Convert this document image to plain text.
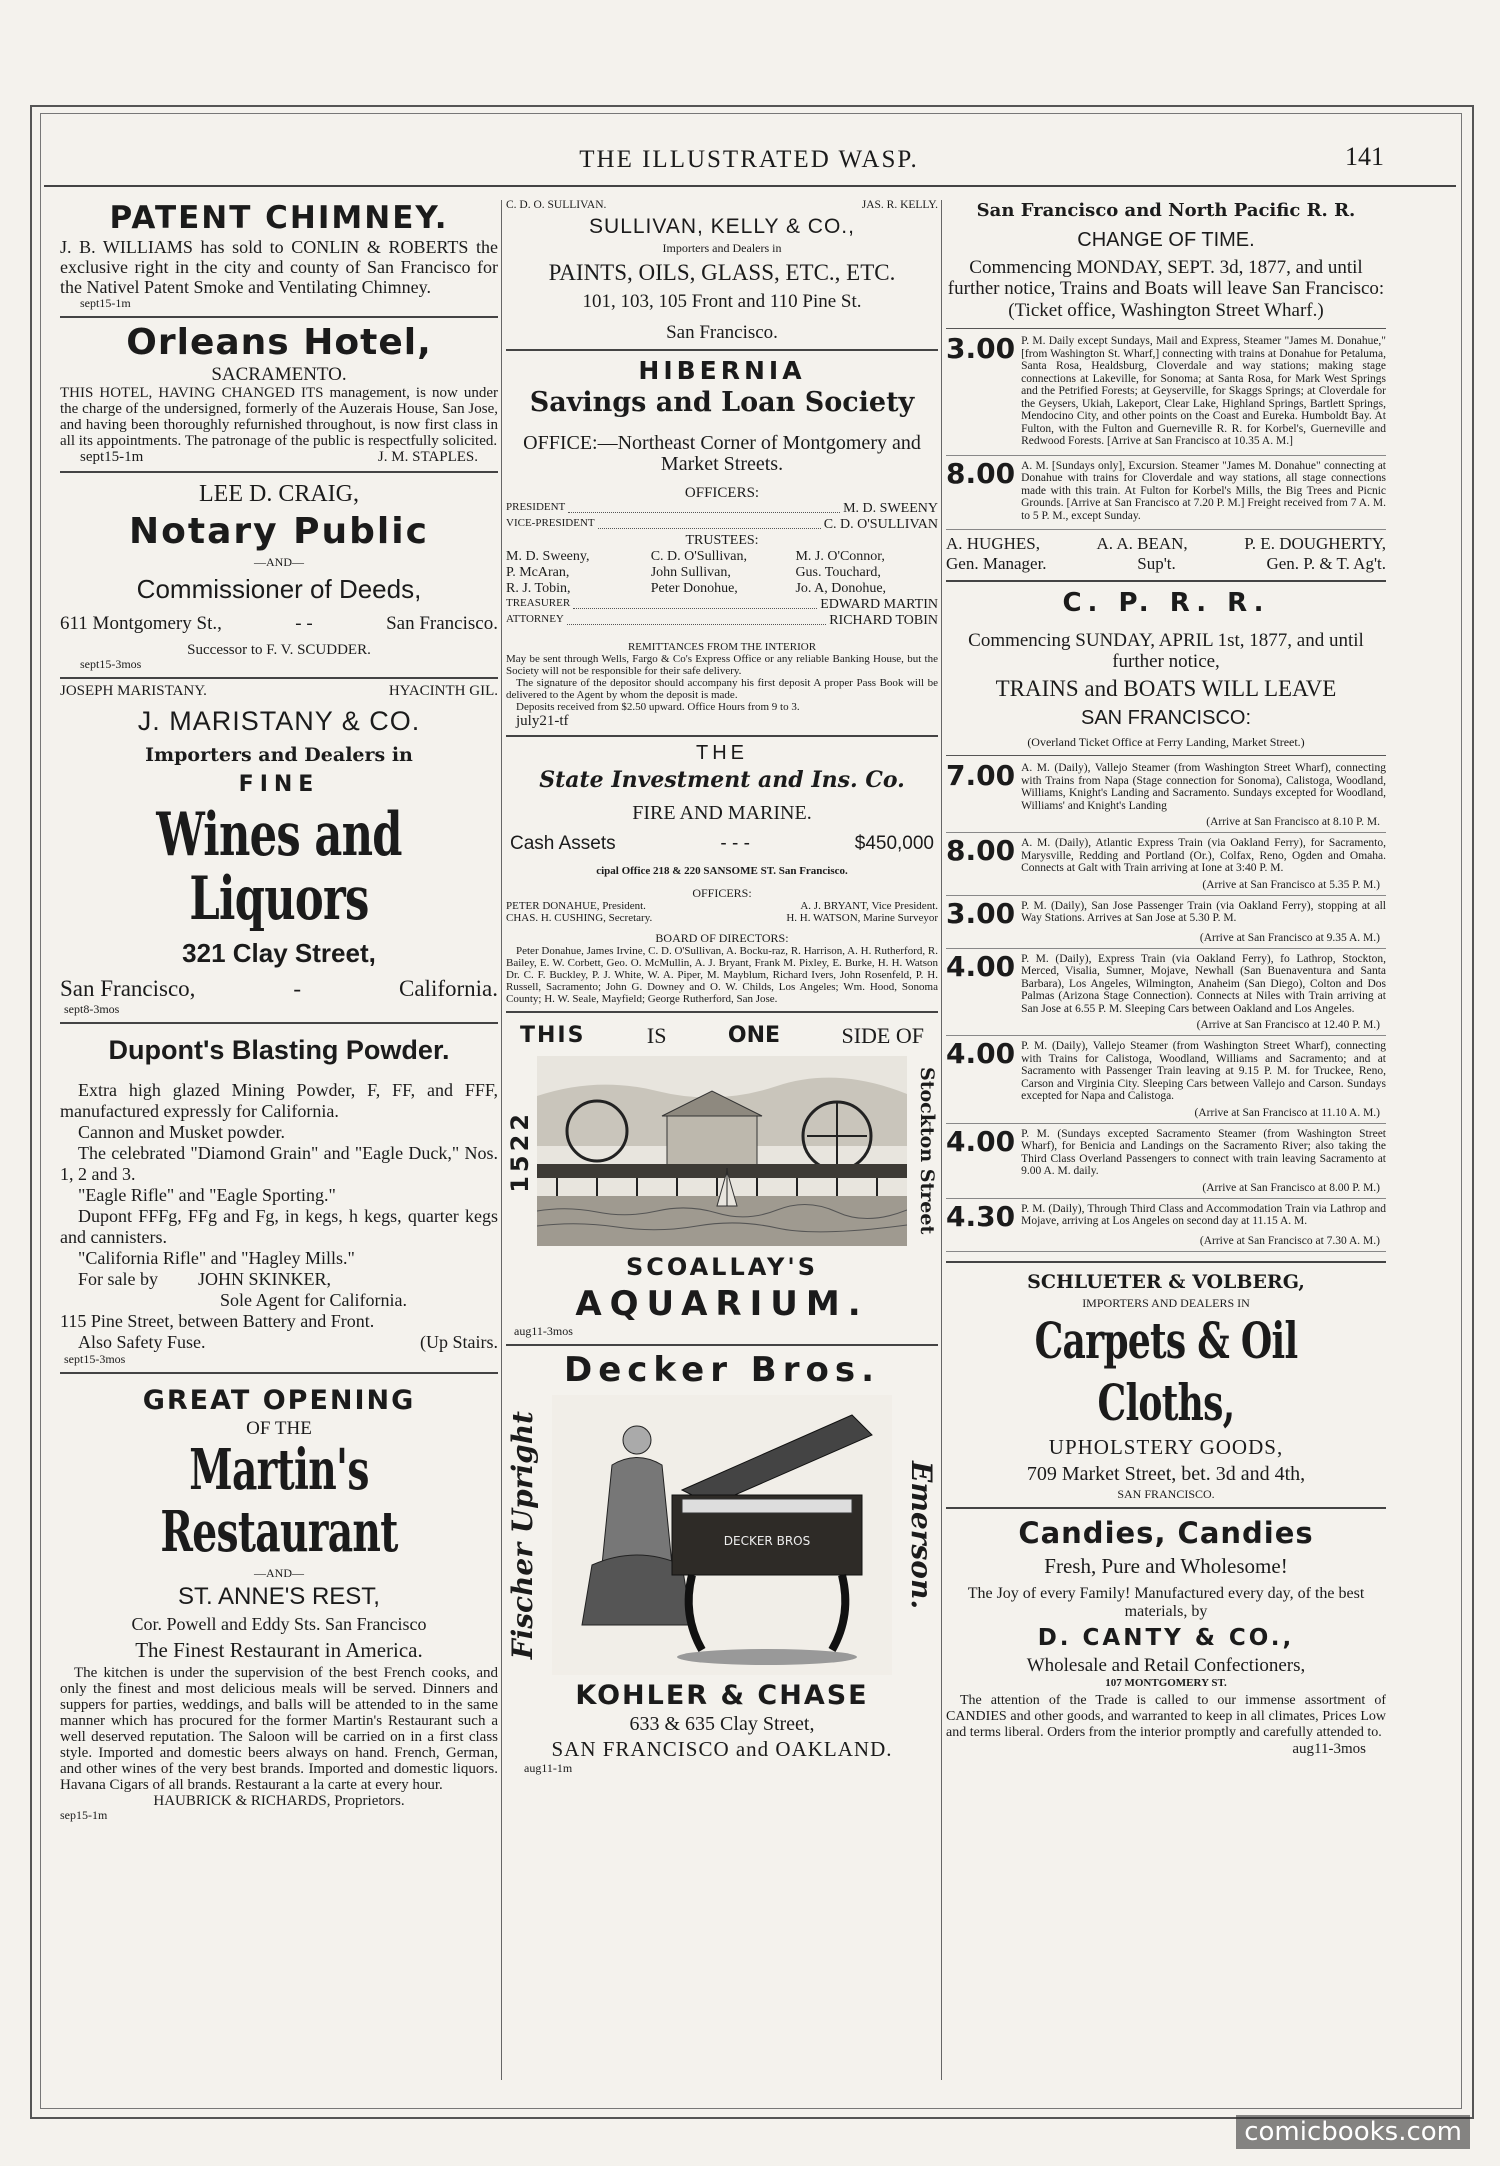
THE ILLUSTRATED WASP.	141
PATENT CHIMNEY.
J. B. WILLIAMS has sold to CONLIN & ROBERTS the exclusive right in the city and county of San Francisco for the Nativel Patent Smoke and Ventilating Chimney.
sept15-1m
Orleans Hotel,
SACRAMENTO.
THIS HOTEL, HAVING CHANGED ITS management, is now under the charge of the undersigned, formerly of the Auzerais House, San Jose, and having been thoroughly refurnished throughout, is now first class in all its appointments. The patronage of the public is respectfully solicited.
sept15-1m	J. M. STAPLES.
LEE D. CRAIG,
Notary Public
—AND—
Commissioner of Deeds,
611 Montgomery St.,	- -	San Francisco.
Successor to F. V. SCUDDER.
sept15-3mos
JOSEPH MARISTANY.	HYACINTH GIL.
J. MARISTANY & CO.
Importers and Dealers in
FINE
Wines and Liquors
321 Clay Street,
San Francisco,	-	California.
sept8-3mos
Dupont's Blasting Powder.
Extra high glazed Mining Powder, F, FF, and FFF, manufactured expressly for California.
Cannon and Musket powder.
The celebrated "Diamond Grain" and "Eagle Duck," Nos. 1, 2 and 3.
"Eagle Rifle" and "Eagle Sporting."
Dupont FFFg, FFg and Fg, in kegs, h kegs, quarter kegs and cannisters.
"California Rifle" and "Hagley Mills."
For sale by JOHN SKINKER,
Sole Agent for California.
115 Pine Street, between Battery and Front.
Also Safety Fuse.	(Up Stairs.
sept15-3mos
GREAT OPENING
OF THE
Martin's Restaurant
—AND—
ST. ANNE'S REST,
Cor. Powell and Eddy Sts. San Francisco
The Finest Restaurant in America.
The kitchen is under the supervision of the best French cooks, and only the finest and most delicious meals will be served. Dinners and suppers for parties, weddings, and balls will be attended to in the same manner which has procured for the former Martin's Restaurant such a well deserved reputation. The Saloon will be carried on in a first class style. Imported and domestic beers always on hand. French, German, and other wines of the very best brands. Imported and domestic liquors. Havana Cigars of all brands. Restaurant a la carte at every hour.
HAUBRICK & RICHARDS, Proprietors.
sep15-1m
C. D. O. SULLIVAN.	JAS. R. KELLY.
SULLIVAN, KELLY & CO.,
Importers and Dealers in
PAINTS, OILS, GLASS, ETC., ETC.
101, 103, 105 Front and 110 Pine St.
San Francisco.
HIBERNIA
Savings and Loan Society
OFFICE:—Northeast Corner of Montgomery and Market Streets.
OFFICERS:
PRESIDENT	M. D. SWEENY
VICE-PRESIDENT	C. D. O'SULLIVAN
TRUSTEES:
M. D. Sweeny,	C. D. O'Sullivan,	M. J. O'Connor,
P. McAran,	John Sullivan,	Gus. Touchard,
R. J. Tobin,	Peter Donohue,	Jo. A, Donohue,
TREASURER	EDWARD MARTIN
ATTORNEY	RICHARD TOBIN
REMITTANCES FROM THE INTERIOR
May be sent through Wells, Fargo & Co's Express Office or any reliable Banking House, but the Society will not be responsible for their safe delivery.
The signature of the depositor should accompany his first deposit A proper Pass Book will be delivered to the Agent by whom the deposit is made.
Deposits received from $2.50 upward. Office Hours from 9 to 3.
july21-tf
THE
State Investment and Ins. Co.
FIRE AND MARINE.
Cash Assets	- - -	$450,000
cipal Office 218 & 220 SANSOME ST. San Francisco.
OFFICERS:
PETER DONAHUE, President.	A. J. BRYANT, Vice President.
CHAS. H. CUSHING, Secretary.	H. H. WATSON, Marine Surveyor
BOARD OF DIRECTORS:
Peter Donahue, James Irvine, C. D. O'Sullivan, A. Bocku-raz, R. Harrison, A. H. Rutherford, R. Bailey, E. W. Corbett, Geo. O. McMullin, A. J. Bryant, Frank M. Pixley, E. Burke, H. H. Watson Dr. C. F. Buckley, P. J. White, W. A. Piper, M. Mayblum, Richard Ivers, John Rosenfeld, P. H. Russell, Sacramento; John G. Downey and O. W. Childs, Los Angeles; Wm. Hood, Sonoma County; H. W. Seale, Mayfield; George Rutherford, San Jose.
THIS	IS	ONE	SIDE OF
1522	Stockton Street
SCOALLAY'S
AQUARIUM.
aug11-3mos
Decker Bros.
Fischer Upright	DECKER BROS	Emerson.
KOHLER & CHASE
633 & 635 Clay Street,
SAN FRANCISCO and OAKLAND.
aug11-1m
San Francisco and North Pacific R. R.
CHANGE OF TIME.
Commencing MONDAY, SEPT. 3d, 1877, and until further notice, Trains and Boats will leave San Francisco:
(Ticket office, Washington Street Wharf.)
3.00 P. M. Daily except Sundays, Mail and Express, Steamer "James M. Donahue," [from Washington St. Wharf,] connecting with trains at Donahue for Petaluma, Santa Rosa, Healdsburg, Cloverdale and way stations; making stage connections at Lakeville, for Sonoma; at Santa Rosa, for Mark West Springs and the Petrified Forests; at Geyserville, for Skaggs Springs; at Cloverdale for the Geysers, Ukiah, Lakeport, Clear Lake, Highland Springs, Bartlett Springs, Mendocino City, and other points on the Coast and Eureka. Humboldt Bay. At Fulton, with the Fulton and Guerneville R. R. for Korbel's, Guerneville and Redwood Forests. [Arrive at San Francisco at 10.35 A. M.]
8.00 A. M. [Sundays only], Excursion. Steamer "James M. Donahue" connecting at Donahue with trains for Cloverdale and way stations, all stage connections made with this train. At Fulton for Korbel's Mills, the Big Trees and Picnic Grounds. [Arrive at San Francisco at 7.20 P. M.] Freight received from 7 A. M. to 5 P. M., except Sunday.
A. HUGHES,	A. A. BEAN,	P. E. DOUGHERTY,
Gen. Manager.	Sup't.	Gen. P. & T. Ag't.
C. P. R. R.
Commencing SUNDAY, APRIL 1st, 1877, and until further notice,
TRAINS and BOATS WILL LEAVE
SAN FRANCISCO:
(Overland Ticket Office at Ferry Landing, Market Street.)
7.00 A. M. (Daily), Vallejo Steamer (from Washington Street Wharf), connecting with Trains from Napa (Stage connection for Sonoma), Calistoga, Woodland, Williams, Knight's Landing and Sacramento. Sundays excepted for Woodland, Williams' and Knight's Landing
(Arrive at San Francisco at 8.10 P. M.
8.00 A. M. (Daily), Atlantic Express Train (via Oakland Ferry), for Sacramento, Marysville, Redding and Portland (Or.), Colfax, Reno, Ogden and Omaha. Connects at Galt with Train arriving at Ione at 3:40 P. M.
(Arrive at San Francisco at 5.35 P. M.)
3.00 P. M. (Daily), San Jose Passenger Train (via Oakland Ferry), stopping at all Way Stations. Arrives at San Jose at 5.30 P. M.
(Arrive at San Francisco at 9.35 A. M.)
4.00 P. M. (Daily), Express Train (via Oakland Ferry), fo Lathrop, Stockton, Merced, Visalia, Sumner, Mojave, Newhall (San Buenaventura and Santa Barbara), Los Angeles, Wilmington, Anaheim (San Diego), Colton and Dos Palmas (Arizona Stage Connection). Connects at Niles with Train arriving at San Jose at 6.55 P. M. Sleeping Cars between Oakland and Los Angeles.
(Arrive at San Francisco at 12.40 P. M.)
4.00 P. M. (Daily), Vallejo Steamer (from Washington Street Wharf), connecting with Trains for Calistoga, Woodland, Williams and Sacramento; and at Sacramento with Passenger Train leaving at 9.15 P. M. for Truckee, Reno, Carson and Virginia City. Sleeping Cars between Vallejo and Carson. Sundays excepted for Napa and Calistoga.
(Arrive at San Francisco at 11.10 A. M.)
4.00 P. M. (Sundays excepted Sacramento Steamer (from Washington Street Wharf), for Benicia and Landings on the Sacramento River; also taking the Third Class Overland Passengers to connect with train leaving Sacramento at 9.00 A. M. daily.
(Arrive at San Francisco at 8.00 P. M.)
4.30 P. M. (Daily), Through Third Class and Accommodation Train via Lathrop and Mojave, arriving at Los Angeles on second day at 11.15 A. M.
(Arrive at San Francisco at 7.30 A. M.)
SCHLUETER & VOLBERG,
IMPORTERS AND DEALERS IN
Carpets & Oil Cloths,
UPHOLSTERY GOODS,
709 Market Street, bet. 3d and 4th,
SAN FRANCISCO.
Candies, Candies
Fresh, Pure and Wholesome!
The Joy of every Family! Manufactured every day, of the best materials, by
D. CANTY & CO.,
Wholesale and Retail Confectioners,
107 MONTGOMERY ST.
The attention of the Trade is called to our immense assortment of CANDIES and other goods, and warranted to keep in all climates, Prices Low and terms liberal. Orders from the interior promptly and carefully attended to.
aug11-3mos
comicbooks.com
